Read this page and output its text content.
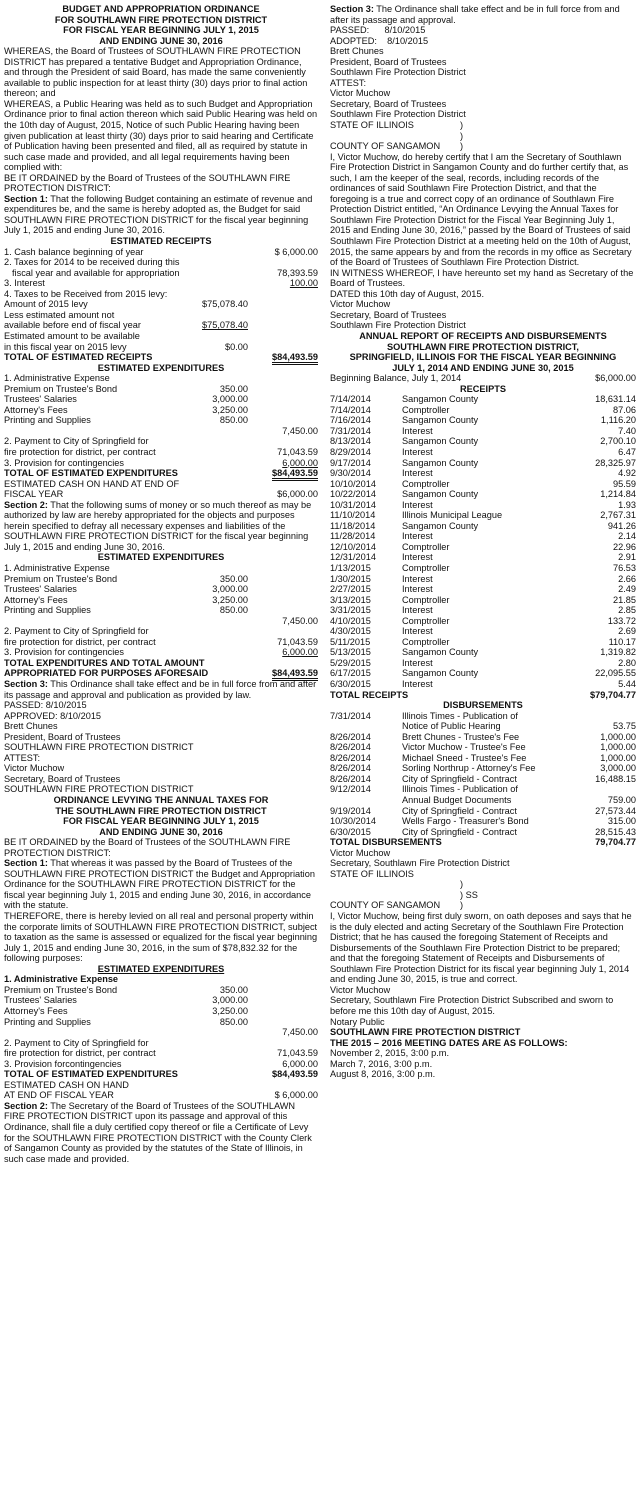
BUDGET AND APPROPRIATION ORDINANCE

FOR SOUTHLAWN FIRE PROTECTION DISTRICT

FOR FISCAL YEAR BEGINNING JULY 1, 2015

AND ENDING JUNE 30, 2016

WHEREAS, the Board of Trustees of SOUTHLAWN FIRE PROTECTION DISTRICT has prepared a tentative Budget and Appropriation Ordinance, and through the President of said Board, has made the same conveniently available to public inspection for at least thirty (30) days prior to final action thereon; and

WHEREAS, a Public Hearing was held as to such Budget and Appropriation Ordinance prior to final action thereon which said Public Hearing was held on the 10th day of August, 2015, Notice of such Public Hearing having been given publication at least thirty (30) days prior to said hearing and Certificate of Publication having been presented and filed, all as required by statute in such case made and provided, and all legal requirements having been complied with:

BE IT ORDAINED by the Board of Trustees of the SOUTHLAWN FIRE PROTECTION DISTRICT:

Section 1: That the following Budget containing an estimate of revenue and expenditures be, and the same is hereby adopted as, the Budget for said SOUTHLAWN FIRE PROTECTION DISTRICT for the fiscal year beginning July 1, 2015 and ending June 30, 2016.

ESTIMATED RECEIPTS

1. Cash balance beginning of year	$ 6,000.00
2. Taxes for 2014 to be received during this
fiscal year and available for appropriation	78,393.59
3. Interest	100.00
4. Taxes to be Received from 2015 levy:
Amount of 2015 levy	$75,078.40
Less estimated amount not
available before end of fiscal year	$75,078.40
Estimated amount to be available
in this fiscal year on 2015 levy	$0.00
TOTAL OF ESTIMATED RECEIPTS	$84,493.59

ESTIMATED EXPENDITURES

1. Administrative Expense
Premium on Trustee's Bond	350.00
Trustees' Salaries	3,000.00
Attorney's Fees	3,250.00
Printing and Supplies	850.00
7,450.00
2. Payment to City of Springfield for
fire protection for district, per contract	71,043.59
3. Provision for contingencies	6,000.00
TOTAL OF ESTIMATED EXPENDITURES	$84,493.59
ESTIMATED CASH ON HAND AT END OF
FISCAL YEAR	$6,000.00

Section 2: That the following sums of money or so much thereof as may be authorized by law are hereby appropriated for the objects and purposes herein specified to defray all necessary expenses and liabilities of the SOUTHLAWN FIRE PROTECTION DISTRICT for the fiscal year beginning July 1, 2015 and ending June 30, 2016.

ESTIMATED EXPENDITURES

1. Administrative Expense
Premium on Trustee's Bond	350.00
Trustees' Salaries	3,000.00
Attorney's Fees	3,250.00
Printing and Supplies	850.00
7,450.00
2. Payment to City of Springfield for
fire protection for district, per contract	71,043.59
3. Provision for contingencies	6,000.00
TOTAL EXPENDITURES AND TOTAL AMOUNT
APPROPRIATED FOR PURPOSES AFORESAID	$84,493.59

Section 3: This Ordinance shall take effect and be in full force from and after its passage and approval and publication as provided by law.

PASSED: 8/10/2015

APPROVED: 8/10/2015

Brett Chunes

President, Board of Trustees

SOUTHLAWN FIRE PROTECTION DISTRICT

ATTEST:

Victor Muchow

Secretary, Board of Trustees

SOUTHLAWN FIRE PROTECTION DISTRICT

ORDINANCE LEVYING THE ANNUAL TAXES FOR

THE SOUTHLAWN FIRE PROTECTION DISTRICT

FOR FISCAL YEAR BEGINNING JULY 1, 2015

AND ENDING JUNE 30, 2016

BE IT ORDAINED by the Board of Trustees of the SOUTHLAWN FIRE PROTECTION DISTRICT:

Section 1: That whereas it was passed by the Board of Trustees of the SOUTHLAWN FIRE PROTECTION DISTRICT the Budget and Appropriation Ordinance for the SOUTHLAWN FIRE PROTECTION DISTRICT for the fiscal year beginning July 1, 2015 and ending June 30, 2016, in accordance with the statute.

THEREFORE, there is hereby levied on all real and personal property within the corporate limits of SOUTHLAWN FIRE PROTECTION DISTRICT, subject to taxation as the same is assessed or equalized for the fiscal year beginning July 1, 2015 and ending June 30, 2016, in the sum of $78,832.32 for the following purposes:

ESTIMATED EXPENDITURES

1. Administrative Expense
Premium on Trustee's Bond	350.00
Trustees' Salaries	3,000.00
Attorney's Fees	3,250.00
Printing and Supplies	850.00
7,450.00
2. Payment to City of Springfield for
fire protection for district, per contract	71,043.59
3. Provision forcontingencies	6,000.00
TOTAL OF ESTIMATED EXPENDITURES	$84,493.59
ESTIMATED CASH ON HAND
AT END OF FISCAL YEAR	$ 6,000.00

Section 2: The Secretary of the Board of Trustees of the SOUTHLAWN FIRE PROTECTION DISTRICT upon its passage and approval of this Ordinance, shall file a duly certified copy thereof or file a Certificate of Levy for the SOUTHLAWN FIRE PROTECTION DISTRICT with the County Clerk of Sangamon County as provided by the statutes of the State of Illinois, in such case made and provided.

Section 3: The Ordinance shall take effect and be in full force from and after its passage and approval.

PASSED:      8/10/2015

ADOPTED:    8/10/2015

Brett Chunes

President, Board of Trustees

Southlawn Fire Protection District

ATTEST:

Victor Muchow

Secretary, Board of Trustees

Southlawn Fire Protection District

STATE OF ILLINOIS	)
)
COUNTY OF SANGAMON	)

I, Victor Muchow, do hereby certify that I am the Secretary of Southlawn Fire Protection District in Sangamon County and do further certify that, as such, I am the keeper of the seal, records, including records of the ordinances of said Southlawn Fire Protection District, and that the foregoing is a true and correct copy of an ordinance of Southlawn Fire Protection District entitled, “An Ordinance Levying the Annual Taxes for Southlawn Fire Protection District for the Fiscal Year Beginning July 1, 2015 and Ending June 30, 2016,” passed by the Board of Trustees of said Southlawn Fire Protection District at a meeting held on the 10th of August, 2015, the same appears by and from the records in my office as Secretary of the Board of Trustees of Southlawn Fire Protection District.

IN WITNESS WHEREOF, I have hereunto set my hand as Secretary of the Board of Trustees.

DATED this 10th day of August, 2015.

Victor Muchow

Secretary, Board of Trustees

Southlawn Fire Protection District

ANNUAL REPORT OF RECEIPTS AND DISBURSEMENTS

SOUTHLAWN FIRE PROTECTION DISTRICT,

SPRINGFIELD, ILLINOIS FOR THE FISCAL YEAR BEGINNING

JULY 1, 2014 AND ENDING JUNE 30, 2015

Beginning Balance, July 1, 2014	$6,000.00

RECEIPTS

7/14/2014	Sangamon County	18,631.14
7/14/2014	Comptroller	87.06
7/16/2014	Sangamon County	1,116.20
7/31/2014	Interest	7.40
8/13/2014	Sangamon County	2,700.10
8/29/2014	Interest	6.47
9/17/2014	Sangamon County	28,325.97
9/30/2014	Interest	4.92
10/10/2014	Comptroller	95.59
10/22/2014	Sangamon County	1,214.84
10/31/2014	Interest	1.93
11/10/2014	Illinois Municipal League	2,767.31
11/18/2014	Sangamon County	941.26
11/28/2014	Interest	2.14
12/10/2014	Comptroller	22.96
12/31/2014	Interest	2.91
1/13/2015	Comptroller	76.53
1/30/2015	Interest	2.66
2/27/2015	Interest	2.49
3/13/2015	Comptroller	21.85
3/31/2015	Interest	2.85
4/10/2015	Comptroller	133.72
4/30/2015	Interest	2.69
5/11/2015	Comptroller	110.17
5/13/2015	Sangamon County	1,319.82
5/29/2015	Interest	2.80
6/17/2015	Sangamon County	22,095.55
6/30/2015	Interest	5.44
TOTAL RECEIPTS	$79,704.77

DISBURSEMENTS

7/31/2014	Illinois Times - Publication of
Notice of Public Hearing	53.75
8/26/2014	Brett Chunes - Trustee's Fee	1,000.00
8/26/2014	Victor Muchow - Trustee's Fee	1,000.00
8/26/2014	Michael Sneed - Trustee's Fee	1,000.00
8/26/2014	Sorling Northrup - Attorney's Fee	3,000.00
8/26/2014	City of Springfield - Contract	16,488.15
9/12/2014	Illinois Times - Publication of
Annual Budget Documents	759.00
9/19/2014	City of Springfield - Contract	27,573.44
10/30/2014	Wells Fargo - Treasurer's Bond	315.00
6/30/2015	City of Springfield - Contract	28,515.43
TOTAL DISBURSEMENTS	79,704.77

Victor Muchow

Secretary, Southlawn Fire Protection District

STATE OF ILLINOIS

)
) SS
COUNTY OF SANGAMON	)

I, Victor Muchow, being first duly sworn, on oath deposes and says that he is the duly elected and acting Secretary of the Southlawn Fire Protection District; that he has caused the foregoing Statement of Receipts and Disbursements of the Southlawn Fire Protection District to be prepared; and that the foregoing Statement of Receipts and Disbursements of Southlawn Fire Protection District for its fiscal year beginning July 1, 2014 and ending June 30, 2015, is true and correct.

Victor Muchow

Secretary, Southlawn Fire Protection District Subscribed and sworn to before me this 10th day of August, 2015.

Notary Public

SOUTHLAWN FIRE PROTECTION DISTRICT

THE 2015 – 2016 MEETING DATES ARE AS FOLLOWS:

November 2, 2015, 3:00 p.m.

March 7, 2016, 3:00 p.m.

August 8, 2016, 3:00 p.m.
